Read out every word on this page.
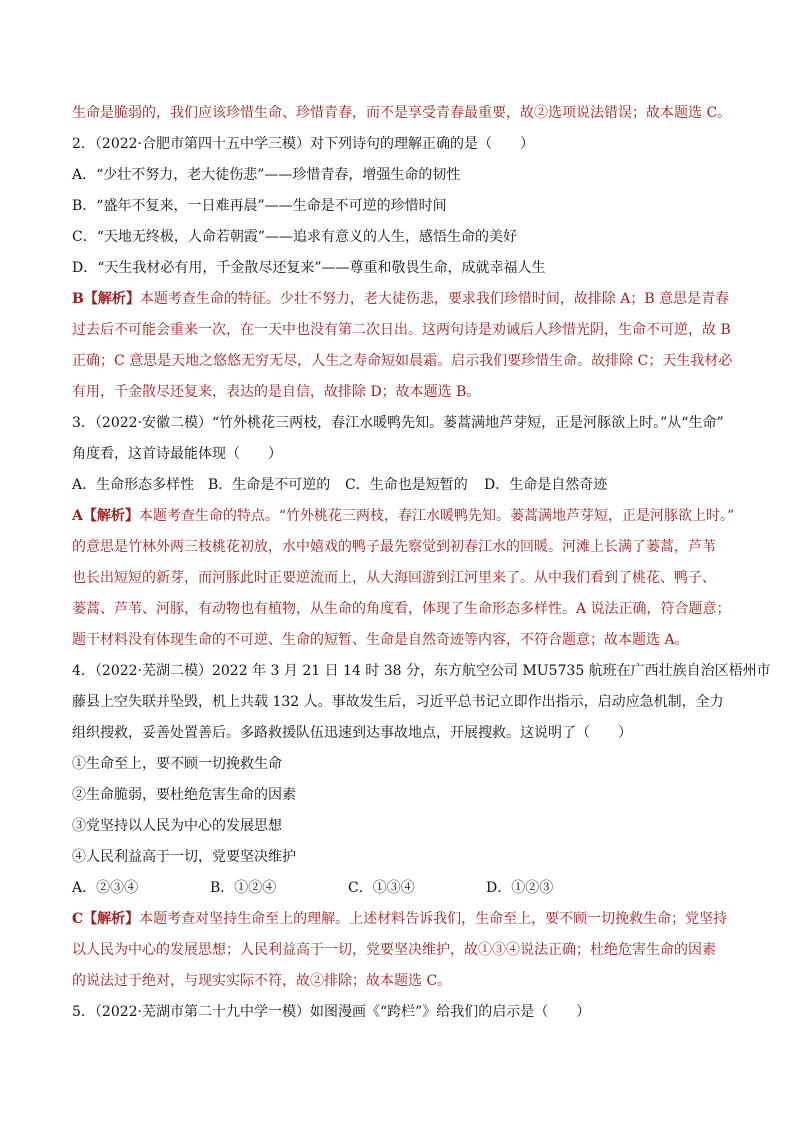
生命是脆弱的，我们应该珍惜生命、珍惜青春，而不是享受青春最重要，故②选项说法错误；故本题选 C。
2．（2022·合肥市第四十五中学三模）对下列诗句的理解正确的是（　　）
A．“少壮不努力，老大徒伤悲”——珍惜青春，增强生命的韧性
B．“盛年不复来，一日难再晨”——生命是不可逆的珍惜时间
C．“天地无终极，人命若朝霞”——追求有意义的人生，感悟生命的美好
D．“天生我材必有用，千金散尽还复来”——尊重和敬畏生命，成就幸福人生
B【解析】本题考查生命的特征。少壮不努力，老大徒伤悲，要求我们珍惜时间，故排除 A；B 意思是青春
过去后不可能会重来一次，在一天中也没有第二次日出。这两句诗是劝诫后人珍惜光阴，生命不可逆，故 B
正确；C 意思是天地之悠悠无穷无尽，人生之寿命短如晨霜。启示我们要珍惜生命。故排除 C；天生我材必
有用，千金散尽还复来，表达的是自信，故排除 D；故本题选 B。
3．（2022·安徽二模）“竹外桃花三两枝，春江水暖鸭先知。蒌蒿满地芦芽短，正是河豚欲上时。”从“生命”
角度看，这首诗最能体现（　　）
A．生命形态多样性 B．生命是不可逆的	C．生命也是短暂的	D．生命是自然奇迹
A【解析】本题考查生命的特点。“竹外桃花三两枝，春江水暖鸭先知。蒌蒿满地芦芽短，正是河豚欲上时。”
的意思是竹林外两三枝桃花初放，水中嬉戏的鸭子最先察觉到初春江水的回暖。河滩上长满了蒌蒿，芦苇
也长出短短的新芽，而河豚此时正要逆流而上，从大海回游到江河里来了。从中我们看到了桃花、鸭子、
蒌蒿、芦苇、河豚，有动物也有植物，从生命的角度看，体现了生命形态多样性。A 说法正确，符合题意；
题干材料没有体现生命的不可逆、生命的短暂、生命是自然奇迹等内容，不符合题意；故本题选 A。
4．（2022·芜湖二模）2022 年 3 月 21 日 14 时 38 分，东方航空公司 MU5735 航班在广西壮族自治区梧州市
藤县上空失联并坠毁，机上共载 132 人。事故发生后，习近平总书记立即作出指示，启动应急机制，全力
组织搜救，妥善处置善后。多路救援队伍迅速到达事故地点，开展搜救。这说明了（　　）
①生命至上，要不顾一切挽救生命
②生命脆弱，要杜绝危害生命的因素
③党坚持以人民为中心的发展思想
④人民利益高于一切，党要坚决维护
A．②③④	B．①②④	C．①③④	D．①②③
C【解析】本题考查对坚持生命至上的理解。上述材料告诉我们，生命至上，要不顾一切挽救生命；党坚持
以人民为中心的发展思想；人民利益高于一切，党要坚决维护，故①③④说法正确；杜绝危害生命的因素
的说法过于绝对，与现实实际不符，故②排除；故本题选 C。
5．（2022·芜湖市第二十九中学一模）如图漫画《“跨栏”》给我们的启示是（　　）
